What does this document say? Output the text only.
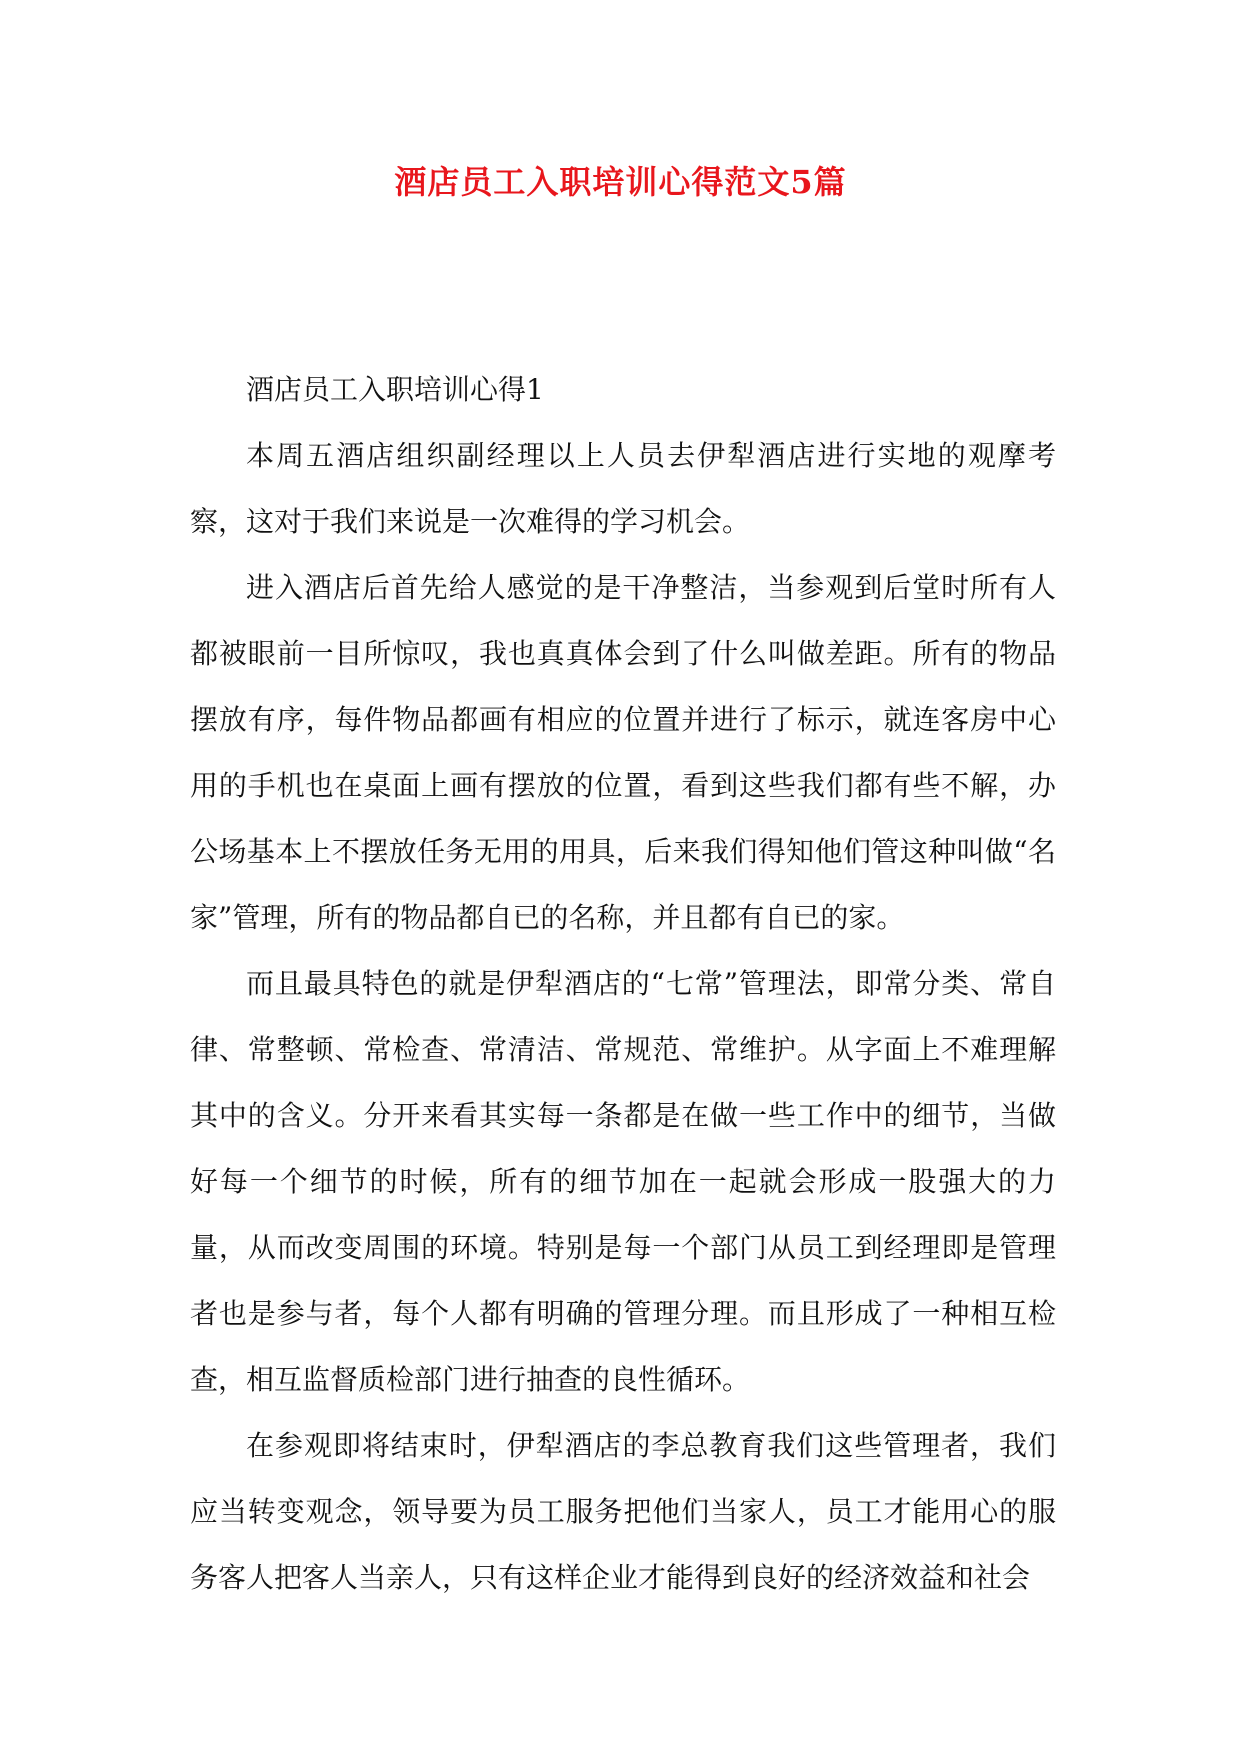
酒店员工入职培训心得范文5篇

酒店员工入职培训心得1

本周五酒店组织副经理以上人员去伊犁酒店进行实地的观摩考察，这对于我们来说是一次难得的学习机会。

进入酒店后首先给人感觉的是干净整洁，当参观到后堂时所有人都被眼前一目所惊叹，我也真真体会到了什么叫做差距。所有的物品摆放有序，每件物品都画有相应的位置并进行了标示，就连客房中心用的手机也在桌面上画有摆放的位置，看到这些我们都有些不解，办公场基本上不摆放任务无用的用具，后来我们得知他们管这种叫做“名家”管理，所有的物品都自已的名称，并且都有自已的家。

而且最具特色的就是伊犁酒店的“七常”管理法，即常分类、常自律、常整顿、常检查、常清洁、常规范、常维护。从字面上不难理解其中的含义。分开来看其实每一条都是在做一些工作中的细节，当做好每一个细节的时候，所有的细节加在一起就会形成一股强大的力量，从而改变周围的环境。特别是每一个部门从员工到经理即是管理者也是参与者，每个人都有明确的管理分理。而且形成了一种相互检查，相互监督质检部门进行抽查的良性循环。

在参观即将结束时，伊犁酒店的李总教育我们这些管理者，我们应当转变观念，领导要为员工服务把他们当家人，员工才能用心的服务客人把客人当亲人，只有这样企业才能得到良好的经济效益和社会
